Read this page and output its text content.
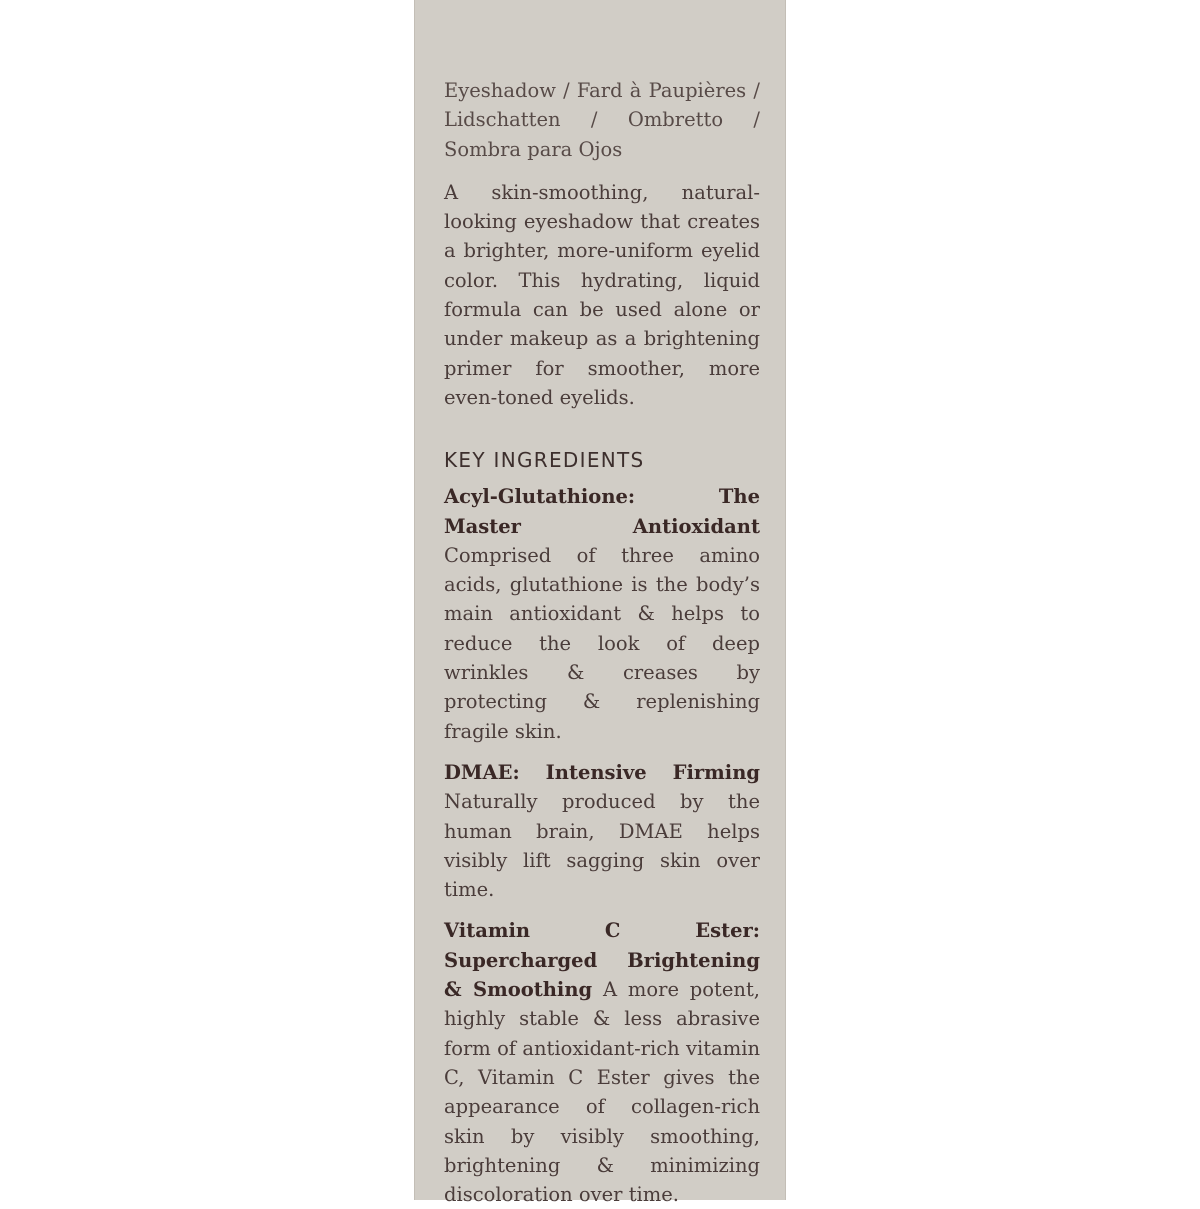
Eyeshadow / Fard à Paupières / Lidschatten / Ombretto / Sombra para Ojos

A skin-smoothing, natural-looking eyeshadow that creates a brighter, more-uniform eyelid color. This hydrating, liquid formula can be used alone or under makeup as a brightening primer for smoother, more even-toned eyelids.

KEY INGREDIENTS

Acyl-Glutathione: The Master Antioxidant Comprised of three amino acids, glutathione is the body’s main antioxidant & helps to reduce the look of deep wrinkles & creases by protecting & replenishing fragile skin.

DMAE: Intensive Firming Naturally produced by the human brain, DMAE helps visibly lift sagging skin over time.

Vitamin C Ester: Supercharged Brightening & Smoothing A more potent, highly stable & less abrasive form of antioxidant-rich vitamin C, Vitamin C Ester gives the appearance of collagen-rich skin by visibly smoothing, brightening & minimizing discoloration over time.
